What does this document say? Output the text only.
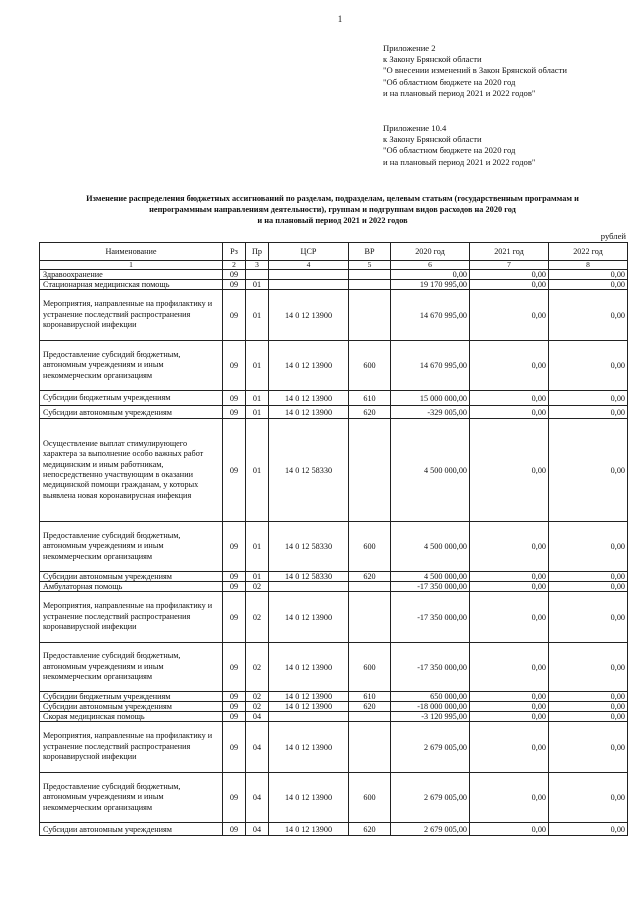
1
Приложение 2
к Закону Брянской области
"О внесении изменений в Закон Брянской области
"Об областном бюджете на 2020 год
и на плановый период 2021 и 2022 годов"
Приложение 10.4
к Закону Брянской области
"Об областном бюджете на 2020 год
и на плановый период 2021 и 2022 годов"
Изменение распределения бюджетных ассигнований по разделам, подразделам, целевым статьям (государственным программам и
непрограммным направлениям деятельности), группам и подгруппам видов расходов на 2020 год
и на плановый период 2021 и 2022 годов
рублей
Наименование	Рз	Пр	ЦСР	ВР	2020 год	2021 год	2022 год
1	2	3	4	5	6	7	8
Здравоохранение	09				0,00	0,00	0,00
Стационарная медицинская помощь	09	01			19 170 995,00	0,00	0,00
Мероприятия, направленные на профилактику и устранение последствий распространения коронавирусной инфекции	09	01	14 0 12 13900		14 670 995,00	0,00	0,00
Предоставление субсидий бюджетным, автономным учреждениям и иным некоммерческим организациям	09	01	14 0 12 13900	600	14 670 995,00	0,00	0,00
Субсидии бюджетным учреждениям	09	01	14 0 12 13900	610	15 000 000,00	0,00	0,00
Субсидии автономным учреждениям	09	01	14 0 12 13900	620	-329 005,00	0,00	0,00
Осуществление выплат стимулирующего характера за выполнение особо важных работ медицинским и иным работникам, непосредственно участвующим в оказании медицинской помощи гражданам, у которых выявлена новая коронавирусная инфекция	09	01	14 0 12 58330		4 500 000,00	0,00	0,00
Предоставление субсидий бюджетным, автономным учреждениям и иным некоммерческим организациям	09	01	14 0 12 58330	600	4 500 000,00	0,00	0,00
Субсидии автономным учреждениям	09	01	14 0 12 58330	620	4 500 000,00	0,00	0,00
Амбулаторная помощь	09	02			-17 350 000,00	0,00	0,00
Мероприятия, направленные на профилактику и устранение последствий распространения коронавирусной инфекции	09	02	14 0 12 13900		-17 350 000,00	0,00	0,00
Предоставление субсидий бюджетным, автономным учреждениям и иным некоммерческим организациям	09	02	14 0 12 13900	600	-17 350 000,00	0,00	0,00
Субсидии бюджетным учреждениям	09	02	14 0 12 13900	610	650 000,00	0,00	0,00
Субсидии автономным учреждениям	09	02	14 0 12 13900	620	-18 000 000,00	0,00	0,00
Скорая медицинская помощь	09	04			-3 120 995,00	0,00	0,00
Мероприятия, направленные на профилактику и устранение последствий распространения коронавирусной инфекции	09	04	14 0 12 13900		2 679 005,00	0,00	0,00
Предоставление субсидий бюджетным, автономным учреждениям и иным некоммерческим организациям	09	04	14 0 12 13900	600	2 679 005,00	0,00	0,00
Субсидии автономным учреждениям	09	04	14 0 12 13900	620	2 679 005,00	0,00	0,00
